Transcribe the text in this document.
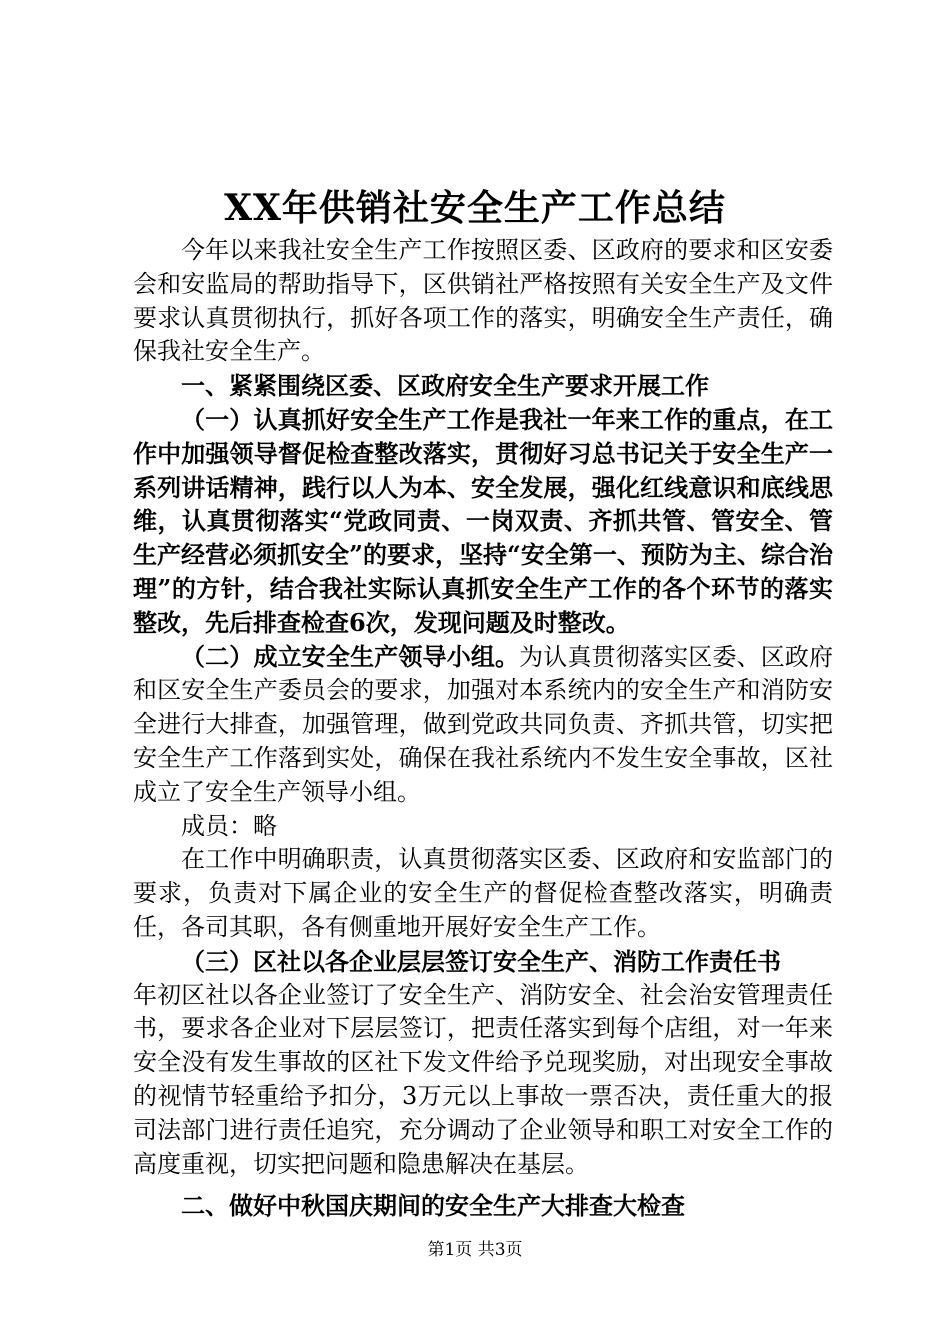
XX年供销社安全生产工作总结

今年以来我社安全生产工作按照区委、区政府的要求和区安委会和安监局的帮助指导下，区供销社严格按照有关安全生产及文件要求认真贯彻执行，抓好各项工作的落实，明确安全生产责任，确保我社安全生产。

一、紧紧围绕区委、区政府安全生产要求开展工作

（一）认真抓好安全生产工作是我社一年来工作的重点，在工作中加强领导督促检查整改落实，贯彻好习总书记关于安全生产一系列讲话精神，践行以人为本、安全发展，强化红线意识和底线思维，认真贯彻落实“党政同责、一岗双责、齐抓共管、管安全、管生产经营必须抓安全”的要求，坚持“安全第一、预防为主、综合治理”的方针，结合我社实际认真抓安全生产工作的各个环节的落实整改，先后排查检查6次，发现问题及时整改。

（二）成立安全生产领导小组。为认真贯彻落实区委、区政府和区安全生产委员会的要求，加强对本系统内的安全生产和消防安全进行大排查，加强管理，做到党政共同负责、齐抓共管，切实把安全生产工作落到实处，确保在我社系统内不发生安全事故，区社成立了安全生产领导小组。

成员：略

在工作中明确职责，认真贯彻落实区委、区政府和安监部门的要求，负责对下属企业的安全生产的督促检查整改落实，明确责任，各司其职，各有侧重地开展好安全生产工作。

（三）区社以各企业层层签订安全生产、消防工作责任书

年初区社以各企业签订了安全生产、消防安全、社会治安管理责任书，要求各企业对下层层签订，把责任落实到每个店组，对一年来安全没有发生事故的区社下发文件给予兑现奖励，对出现安全事故的视情节轻重给予扣分，3万元以上事故一票否决，责任重大的报司法部门进行责任追究，充分调动了企业领导和职工对安全工作的高度重视，切实把问题和隐患解决在基层。

二、做好中秋国庆期间的安全生产大排查大检查

第1页 共3页
